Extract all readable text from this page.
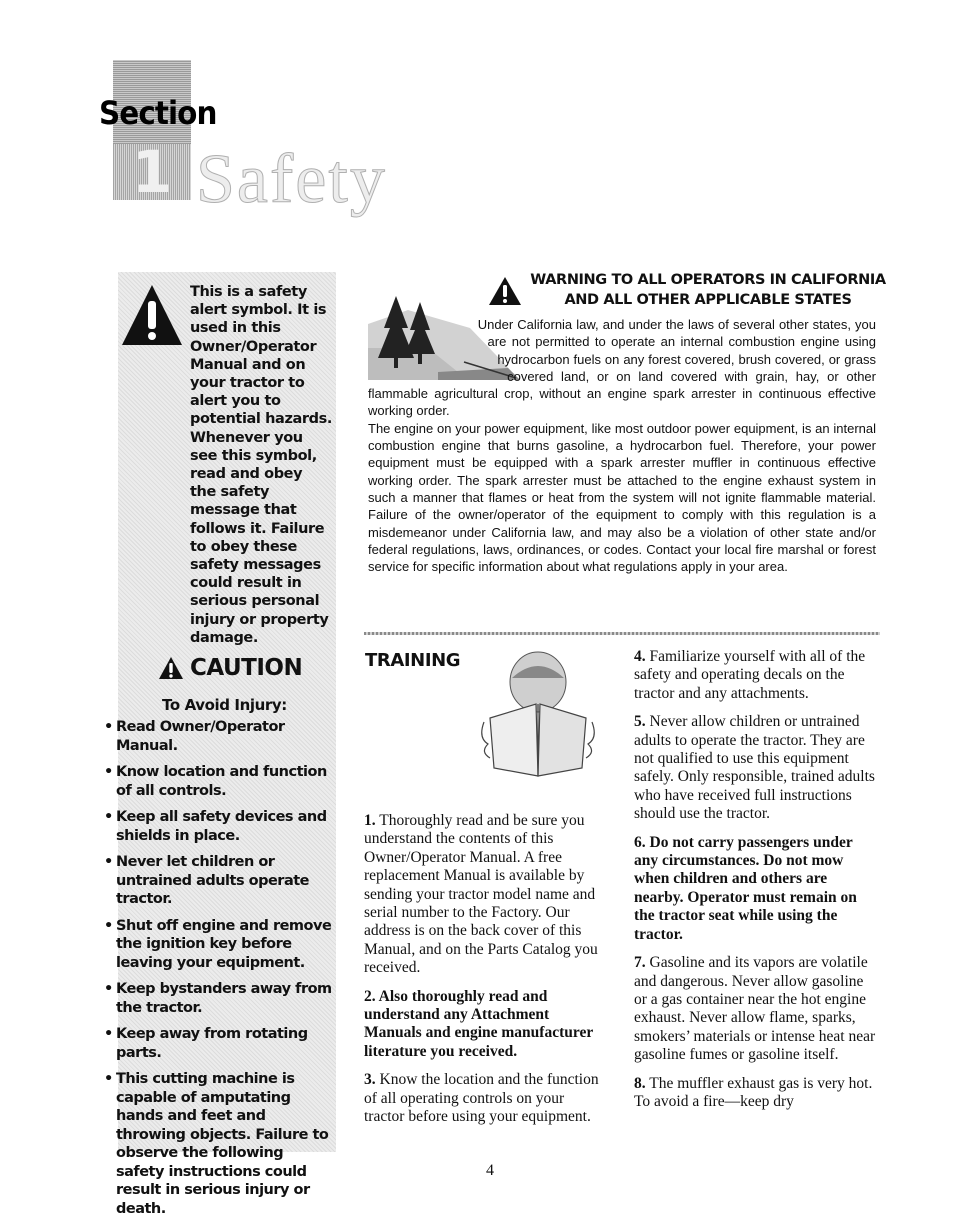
1
Section
Safety
This is a safety alert symbol. It is used in this Owner/Operator Manual and on your tractor to alert you to potential hazards. Whenever you see this symbol, read and obey the safety message that follows it. Failure to obey these safety messages could result in serious personal injury or property damage.
CAUTION
To Avoid Injury:
• Read Owner/Operator Manual.
• Know location and function of all controls.
• Keep all safety devices and shields in place.
• Never let children or untrained adults operate tractor.
• Shut off engine and remove the ignition key before leaving your equipment.
• Keep bystanders away from the tractor.
• Keep away from rotating parts.
• This cutting machine is capable of amputating hands and feet and throwing objects. Failure to observe the following safety instructions could result in serious injury or death.
WARNING TO ALL OPERATORS IN CALIFORNIA
AND ALL OTHER APPLICABLE STATES

Under California law, and under the laws of several other states, you are not permitted to operate an internal combustion engine using hydrocarbon fuels on any forest covered, brush covered, or grass covered land, or on land covered with grain, hay, or other flammable agricultural crop, without an engine spark arrester in continuous effective working order.

The engine on your power equipment, like most outdoor power equipment, is an internal combustion engine that burns gasoline, a hydrocarbon fuel. Therefore, your power equipment must be equipped with a spark arrester muffler in continuous effective working order. The spark arrester must be attached to the engine exhaust system in such a manner that flames or heat from the system will not ignite flammable material. Failure of the owner/operator of the equipment to comply with this regulation is a misdemeanor under California law, and may also be a violation of other state and/or federal regulations, laws, ordinances, or codes. Contact your local fire marshal or forest service for specific information about what regulations apply in your area.

TRAINING

1. Thoroughly read and be sure you understand the contents of this Owner/Operator Manual. A free replacement Manual is available by sending your tractor model name and serial number to the Factory. Our address is on the back cover of this Manual, and on the Parts Catalog you received.

2. Also thoroughly read and understand any Attachment Manuals and engine manufacturer literature you received.

3. Know the location and the function of all operating controls on your tractor before using your equipment.

4. Familiarize yourself with all of the safety and operating decals on the tractor and any attachments.

5. Never allow children or untrained adults to operate the tractor. They are not qualified to use this equipment safely. Only responsible, trained adults who have received full instructions should use the tractor.

6. Do not carry passengers under any circumstances. Do not mow when children and others are nearby. Operator must remain on the tractor seat while using the tractor.

7. Gasoline and its vapors are volatile and dangerous. Never allow gasoline or a gas container near the hot engine exhaust. Never allow flame, sparks, smokers’ materials or intense heat near gasoline fumes or gasoline itself.

8. The muffler exhaust gas is very hot. To avoid a fire—keep dry

4
